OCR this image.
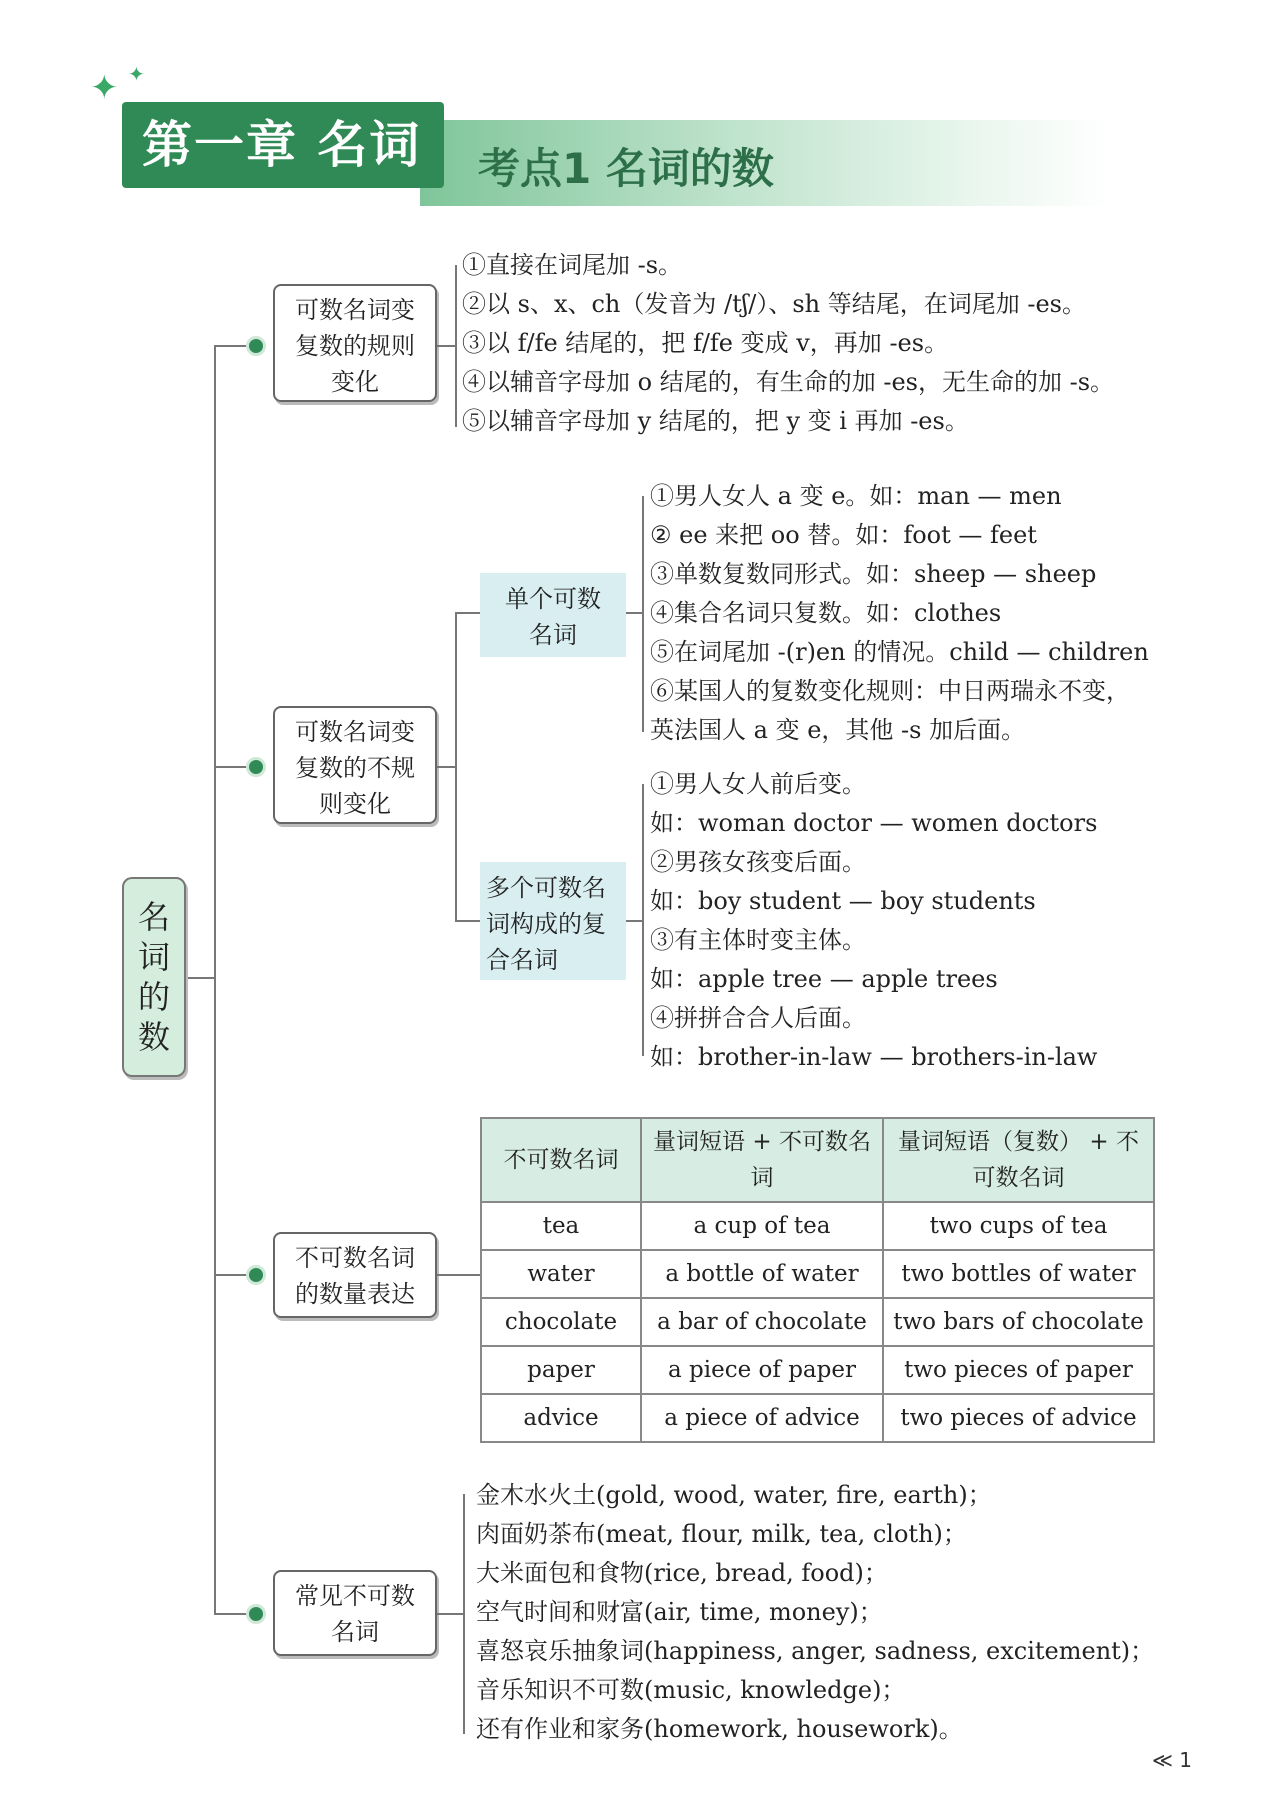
✦ ✦
考点1 名词的数
第一章 名词
名词的数
可数名词变复数的规则变化
①直接在词尾加 -s。
②以 s、x、ch（发音为 /tʃ/）、sh 等结尾，在词尾加 -es。
③以 f/fe 结尾的，把 f/fe 变成 v，再加 -es。
④以辅音字母加 o 结尾的，有生命的加 -es，无生命的加 -s。
⑤以辅音字母加 y 结尾的，把 y 变 i 再加 -es。
可数名词变复数的不规则变化
单个可数名词
①男人女人 a 变 e。如：man — men
② ee 来把 oo 替。如：foot — feet
③单数复数同形式。如：sheep — sheep
④集合名词只复数。如：clothes
⑤在词尾加 -(r)en 的情况。child — children
⑥某国人的复数变化规则：中日两瑞永不变，
英法国人 a 变 e，其他 -s 加后面。
多个可数名词构成的复合名词
①男人女人前后变。
如：woman doctor — women doctors
②男孩女孩变后面。
如：boy student — boy students
③有主体时变主体。
如：apple tree — apple trees
④拼拼合合人后面。
如：brother-in-law — brothers-in-law
不可数名词的数量表达
不可数名词	量词短语 + 不可数名词	量词短语（复数） + 不可数名词
tea	a cup of tea	two cups of tea
water	a bottle of water	two bottles of water
chocolate	a bar of chocolate	two bars of chocolate
paper	a piece of paper	two pieces of paper
advice	a piece of advice	two pieces of advice
常见不可数名词
金木水火土(gold, wood, water, fire, earth)；
肉面奶茶布(meat, flour, milk, tea, cloth)；
大米面包和食物(rice, bread, food)；
空气时间和财富(air, time, money)；
喜怒哀乐抽象词(happiness, anger, sadness, excitement)；
音乐知识不可数(music, knowledge)；
还有作业和家务(homework, housework)。
≪ 1
